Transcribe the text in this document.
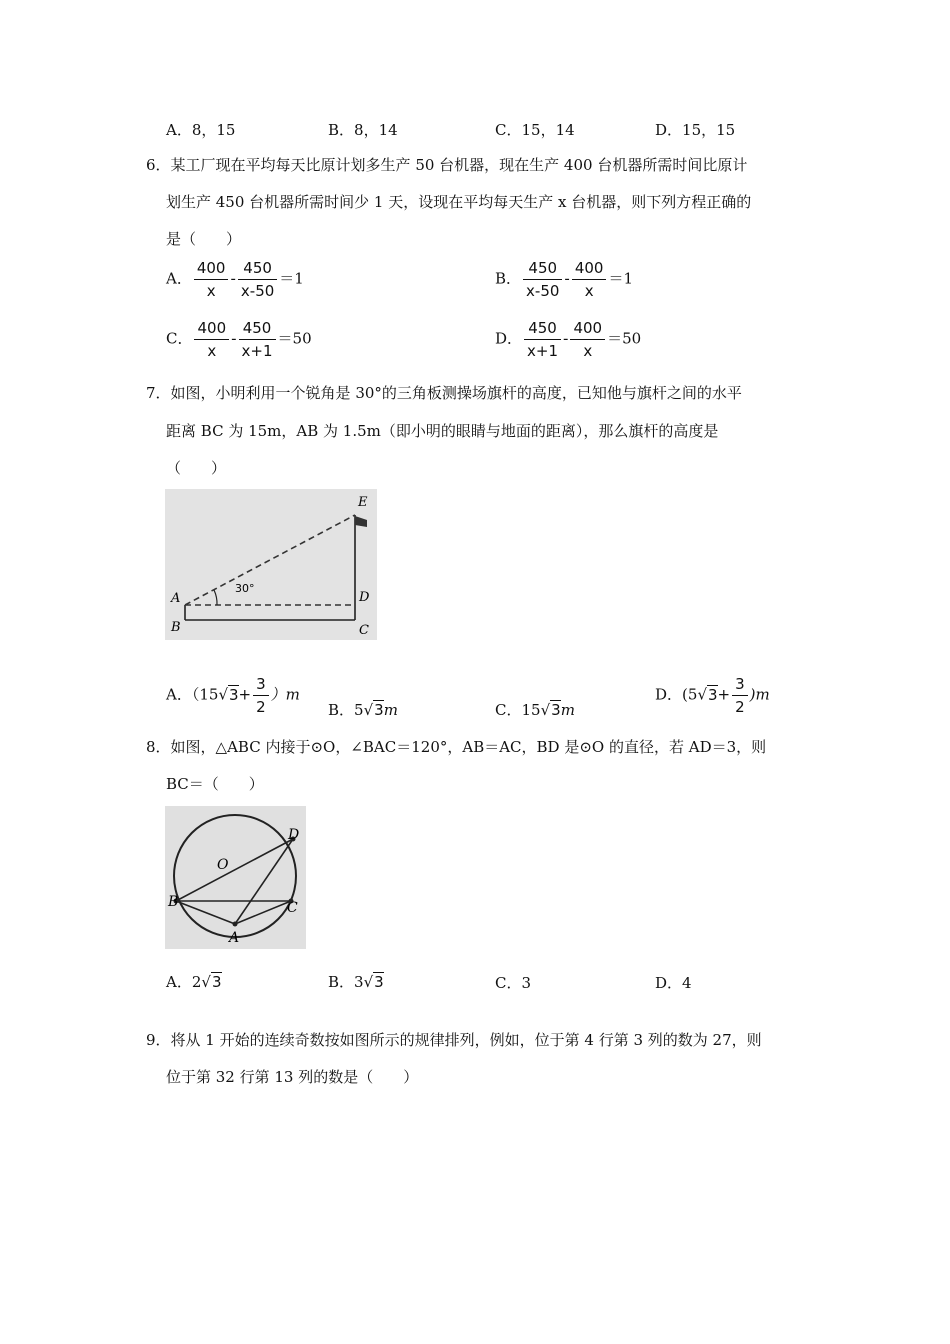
A．8，15	B．8，14	C．15，14	D．15，15
6．某工厂现在平均每天比原计划多生产 50 台机器，现在生产 400 台机器所需时间比原计
划生产 450 台机器所需时间少 1 天，设现在平均每天生产 x 台机器，则下列方程正确的
是（　　）
A． $\frac{400}{x} - \frac{450}{x-50} =1$	B． $\frac{450}{x-50} - \frac{400}{x} =1$
C． $\frac{400}{x} - \frac{450}{x+1} =50$	D． $\frac{450}{x+1} - \frac{400}{x} =50$
7．如图，小明利用一个锐角是 30°的三角板测操场旗杆的高度，已知他与旗杆之间的水平
距离 BC 为 15m，AB 为 1.5m（即小明的眼睛与地面的距离），那么旗杆的高度是
（　　）
30°
A
B	C
D
E
A．$(15√3+ \frac{3}{2} )m$
B．5√3m	C．15√3m
D．$(5√3+ \frac{3}{2} )m$
8．如图，△ABC 内接于⊙O，∠BAC＝120°，AB＝AC，BD 是⊙O 的直径，若 AD＝3，则
BC＝（　　）
O
B	C
D
A
A．2√3	B．3√3	C．3	D．4
9．将从 1 开始的连续奇数按如图所示的规律排列，例如，位于第 4 行第 3 列的数为 27，则
位于第 32 行第 13 列的数是（　　）
